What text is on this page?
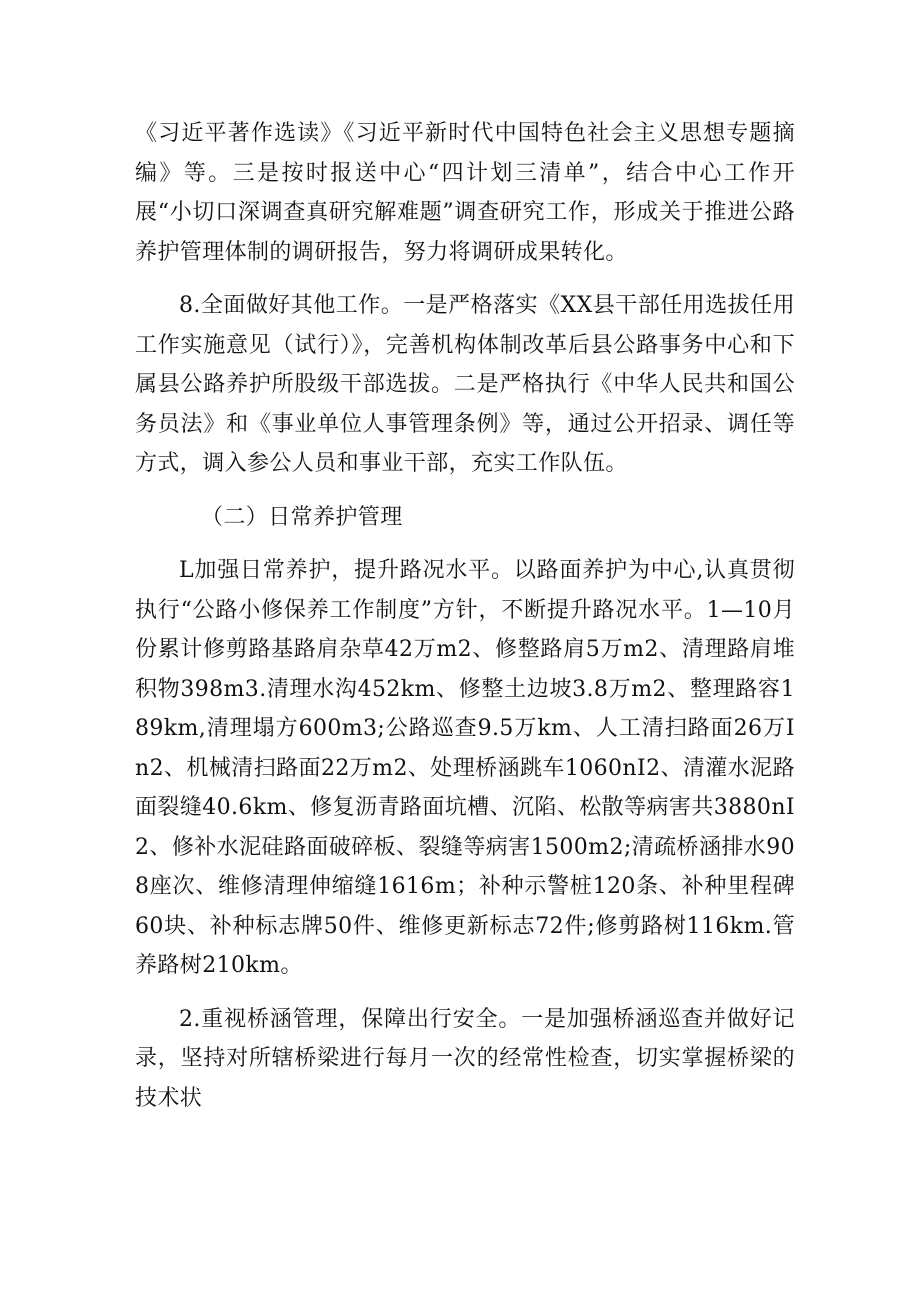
《习近平著作选读》《习近平新时代中国特色社会主义思想专题摘编》等。三是按时报送中心“四计划三清单”，结合中心工作开展“小切口深调查真研究解难题”调查研究工作，形成关于推进公路养护管理体制的调研报告，努力将调研成果转化。

8.全面做好其他工作。一是严格落实《XX县干部任用选拔任用工作实施意见（试行）》，完善机构体制改革后县公路事务中心和下属县公路养护所股级干部选拔。二是严格执行《中华人民共和国公务员法》和《事业单位人事管理条例》等，通过公开招录、调任等方式，调入参公人员和事业干部，充实工作队伍。

（二）日常养护管理

L加强日常养护，提升路况水平。以路面养护为中心,认真贯彻执行“公路小修保养工作制度”方针，不断提升路况水平。1—10月份累计修剪路基路肩杂草42万m2、修整路肩5万m2、清理路肩堆积物398m3.清理水沟452km、修整土边坡3.8万m2、整理路容189km,清理塌方600m3;公路巡查9.5万km、人工清扫路面26万In2、机械清扫路面22万m2、处理桥涵跳车1060nI2、清灌水泥路面裂缝40.6km、修复沥青路面坑槽、沉陷、松散等病害共3880nI2、修补水泥硅路面破碎板、裂缝等病害1500m2;清疏桥涵排水908座次、维修清理伸缩缝1616m；补种示警桩120条、补种里程碑60块、补种标志牌50件、维修更新标志72件;修剪路树116km.管养路树210km。

2.重视桥涵管理，保障出行安全。一是加强桥涵巡查并做好记录，坚持对所辖桥梁进行每月一次的经常性检查，切实掌握桥梁的技术状
